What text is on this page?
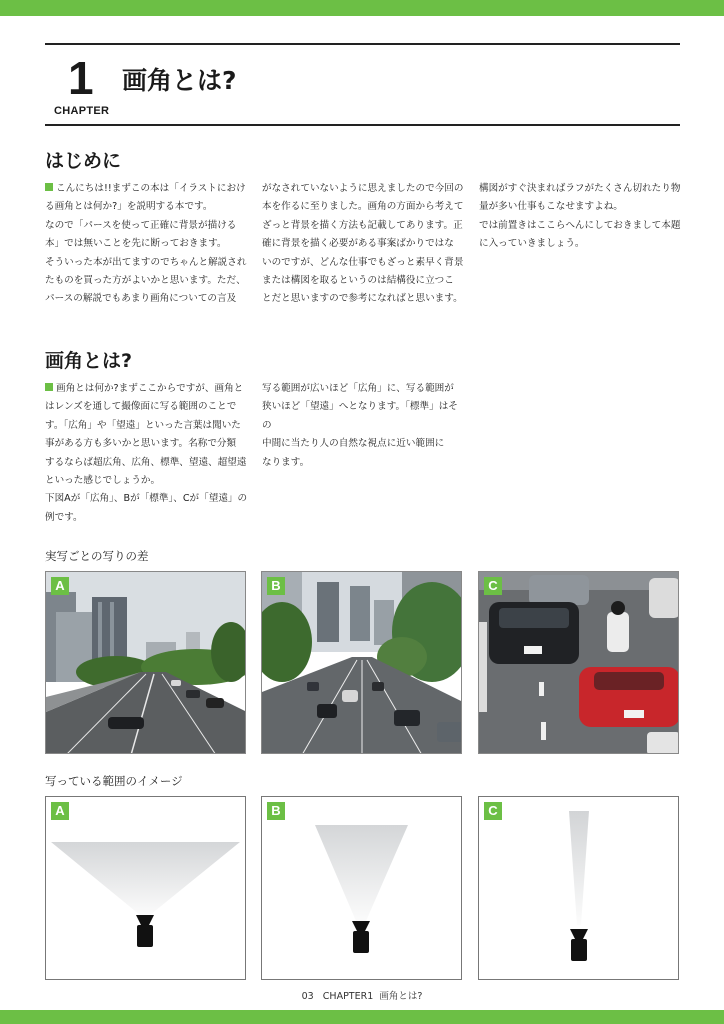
1 画角とは?
CHAPTER
はじめに

こんにちは!!まずこの本は「イラストにおけ

る画角とは何か?」を説明する本です。

なので「パースを使って正確に背景が描ける

本」では無いことを先に断っておきます。

そういった本が出てますのでちゃんと解説され

たものを買った方がよいかと思います。ただ、

パースの解説でもあまり画角についての言及

がなされていないように思えましたので今回の

本を作るに至りました。画角の方面から考えて

ざっと背景を描く方法も記載してあります。正

確に背景を描く必要がある事案ばかりではな

いのですが、どんな仕事でもざっと素早く背景

または構図を取るというのは結構役に立つこ

とだと思いますので参考になればと思います。

構図がすぐ決まればラフがたくさん切れたり物

量が多い仕事もこなせますよね。

では前置きはここらへんにしておきまして本題

に入っていきましょう。

画角とは?

画角とは何か?まずここからですが、画角と

はレンズを通して撮像面に写る範囲のことで

す。「広角」や「望遠」といった言葉は聞いた

事がある方も多いかと思います。名称で分類

するならば超広角、広角、標準、望遠、超望遠

といった感じでしょうか。

下図Aが「広角」、Bが「標準」、Cが「望遠」の

例です。

写る範囲が広いほど「広角」に、写る範囲が

狭いほど「望遠」へとなります。「標準」はその

中間に当たり人の自然な視点に近い範囲に

なります。

実写ごとの写りの差
A	B	C
写っている範囲のイメージ
A	B	C
03 CHAPTER1 画角とは?
